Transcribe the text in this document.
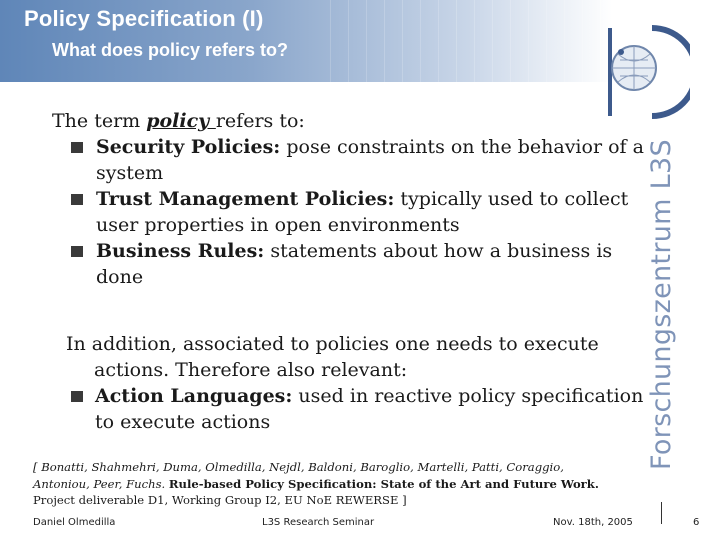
Policy Specification (I)
What does policy refers to?
Forschungszentrum L3S
The term policy refers to:
Security Policies: pose constraints on the behavior of a system
Trust Management Policies: typically used to collect user properties in open environments
Business Rules: statements about how a business is done
In addition, associated to policies one needs to execute
actions. Therefore also relevant:
Action Languages: used in reactive policy specification to execute actions
[ Bonatti, Shahmehri, Duma, Olmedilla, Nejdl, Baldoni, Baroglio, Martelli, Patti, Coraggio,
Antoniou, Peer, Fuchs. Rule-based Policy Specification: State of the Art and Future Work.
Project deliverable D1, Working Group I2, EU NoE REWERSE ]
Daniel Olmedilla	L3S Research Seminar	Nov. 18th, 2005	6
